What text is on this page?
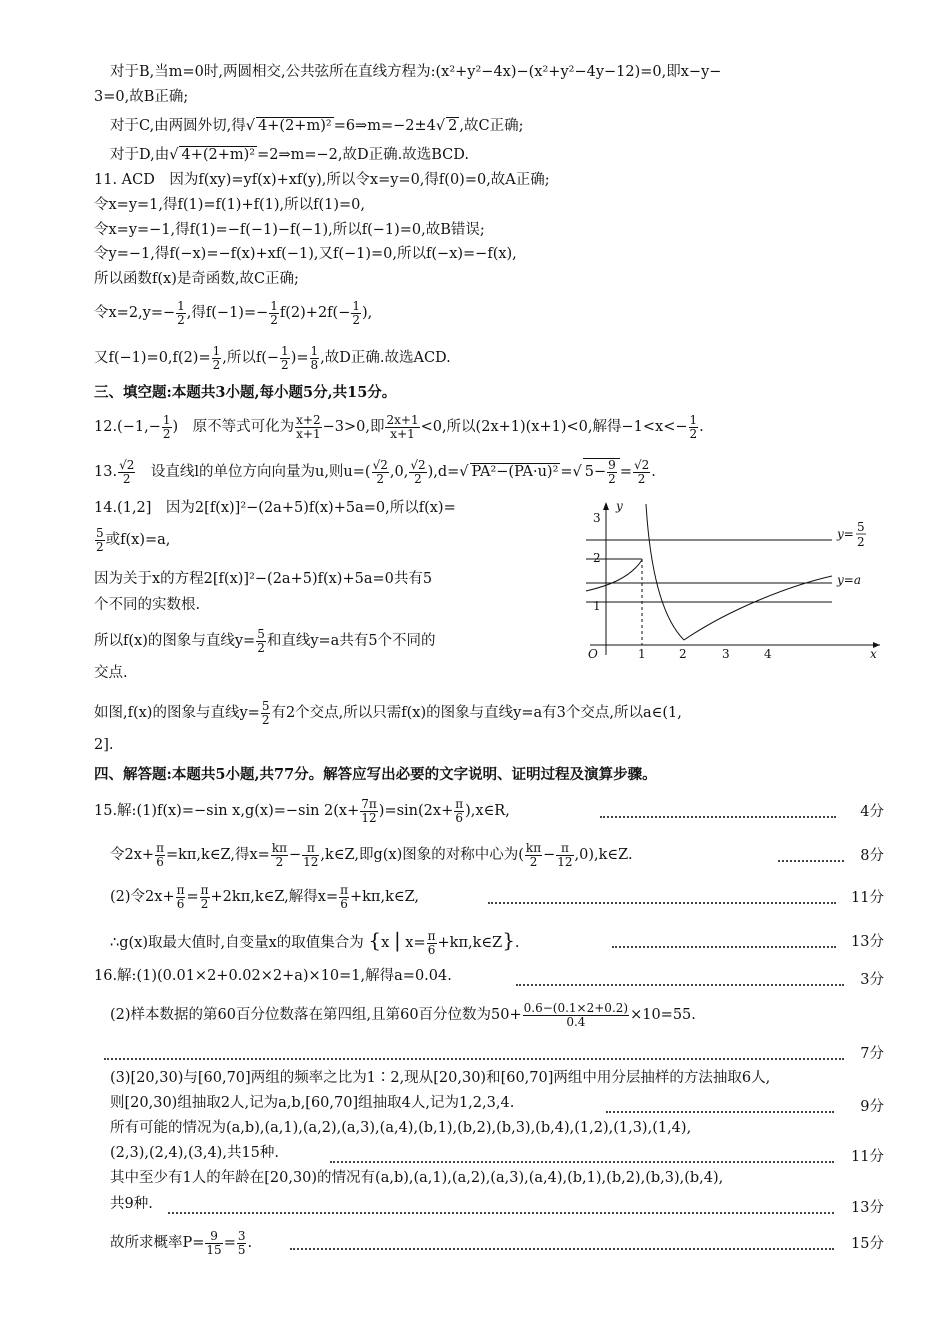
对于B,当m=0时,两圆相交,公共弦所在直线方程为:(x²+y²−4x)−(x²+y²−4y−12)=0,即x−y−
3=0,故B正确;
对于C,由两圆外切,得√ 4+(2+m)² =6⇒m=−2±4√ 2 ,故C正确;
对于D,由√ 4+(2+m)² =2⇒m=−2,故D正确.故选BCD.
11. ACD　因为f(xy)=yf(x)+xf(y),所以令x=y=0,得f(0)=0,故A正确;
令x=y=1,得f(1)=f(1)+f(1),所以f(1)=0,
令x=y=−1,得f(1)=−f(−1)−f(−1),所以f(−1)=0,故B错误;
令y=−1,得f(−x)=−f(x)+xf(−1),又f(−1)=0,所以f(−x)=−f(x),
所以函数f(x)是奇函数,故C正确;
令$x=2,y=- \frac{1}{2}$ ,得$f(-1)=- \frac{1}{2} f(2)+2f(- \frac{1}{2}$ ),
又$f(-1)=0,f(2)= \frac{1}{2}$ ,所以$f(- \frac{1}{2}$ )= $\frac{1}{8}$ ,故D正确.故选ACD.
三、填空题:本题共3小题,每小题5分,共15分。
$12.(-1,- \frac{1}{2}$ )　原不等式可化为 $\frac{x+2}{x+1} -3>0$,即 $\frac{2x+1}{x+1} <0$,所以(2x+1)(x+1)<0,解得$-1<x<- \frac{1}{2}$ .
13. $\frac{√2}{2}$ 　设直线l的单位方向向量为u,则$u=( \frac{√2}{2} ,0$, $\frac{√2}{2} ),d=√$ PA²−(PA·u)² =√ $5- \frac{9}{2} = \frac{√2}{2}$ .
14.(1,2]　因为2[f(x)]²−(2a+5)f(x)+5a=0,所以f(x)=
$\frac{5}{2}$ 或f(x)=a,
因为关于x的方程2[f(x)]²−(2a+5)f(x)+5a=0共有5
个不同的实数根.
所以f(x)的图象与直线$y= \frac{5}{2}$ 和直线y=a共有5个不同的
交点.
如图,f(x)的图象与直线$y= \frac{5}{2}$ 有2个交点,所以只需f(x)的图象与直线y=a有3个交点,所以a∈(1,
2].
y
x
O
3
2
1
1	2	3	4
y= 5
2
y=a
四、解答题:本题共5小题,共77分。解答应写出必要的文字说明、证明过程及演算步骤。
15.解:(1)f(x)=−sin x,g(x)=−sin $2(x+ \frac{7\pi}{12} )=\sin(2x+ \frac{\pi}{6}$ ),x∈R,	4分
令$2x+ \frac{\pi}{6}$ =kπ,k∈Z,得$x= \frac{k\pi}{2} - \frac{\pi}{12}$ ,k∈Z,即g(x)图象的对称中心为( $\frac{k\pi}{2} - \frac{\pi}{12}$ ,0),k∈Z.	8分
(2)令$2x+ \frac{\pi}{6} = \frac{\pi}{2}$ +2kπ,k∈Z,解得$x= \frac{\pi}{6}$ +kπ,k∈Z,	11分
∴g(x)取最大值时,自变量x的取值集合为 {x | $x= \frac{\pi}{6}$ +kπ,k∈Z}.	13分
16.解:(1)(0.01×2+0.02×2+a)×10=1,解得a=0.04.	3分
(2)样本数据的第60百分位数落在第四组,且第60百分位数为$50+ \frac{0.6-(0.1\times 2+0.2)}{0.4} \times 10=55$.
7分
(3)[20,30)与[60,70]两组的频率之比为1∶2,现从[20,30)和[60,70]两组中用分层抽样的方法抽取6人,
则[20,30)组抽取2人,记为a,b,[60,70]组抽取4人,记为1,2,3,4.	9分
所有可能的情况为(a,b),(a,1),(a,2),(a,3),(a,4),(b,1),(b,2),(b,3),(b,4),(1,2),(1,3),(1,4),
(2,3),(2,4),(3,4),共15种.	11分
其中至少有1人的年龄在[20,30)的情况有(a,b),(a,1),(a,2),(a,3),(a,4),(b,1),(b,2),(b,3),(b,4),
共9种.	13分
故所求概率$P= \frac{9}{15} = \frac{3}{5}$ .	15分
